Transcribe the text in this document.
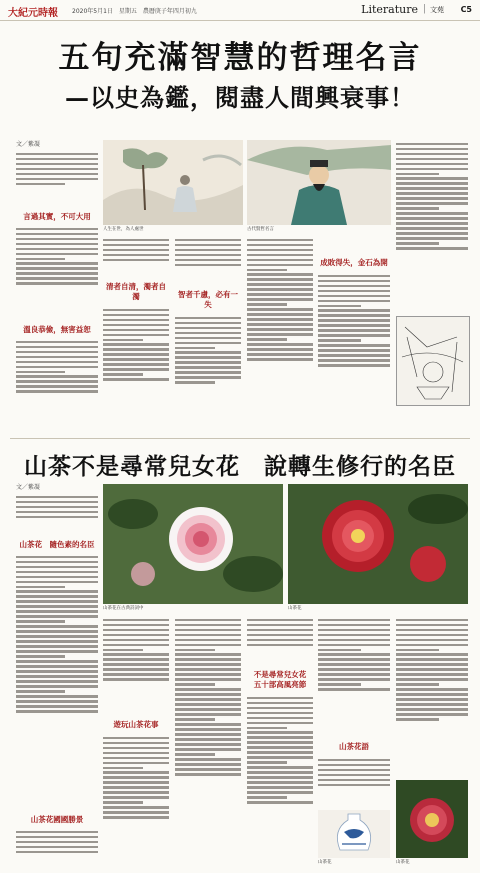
大紀元時報 2020年5月1日　星期五　農曆庚子年四月初九	Literature | 文苑 C5
五句充滿智慧的哲理名言
—以史為鑑，閱盡人間興衰事！
文／紫凝
言過其實，不可大用
溫良恭儉，無害益恕
人生在世，為人處世	古代賢哲名言
清者自清，濁者自濁	智者千慮，必有一失
成敗得失，金石為開
山茶不是尋常兒女花　說轉生修行的名臣
文／紫凝
山茶花　隨色素的名臣
山茶花國國勝景
山茶花在古典詩詞中	山茶花
遊玩山茶花事
不是尋常兒女花
五十部高風亮節
山茶花語
山茶花	山茶花
